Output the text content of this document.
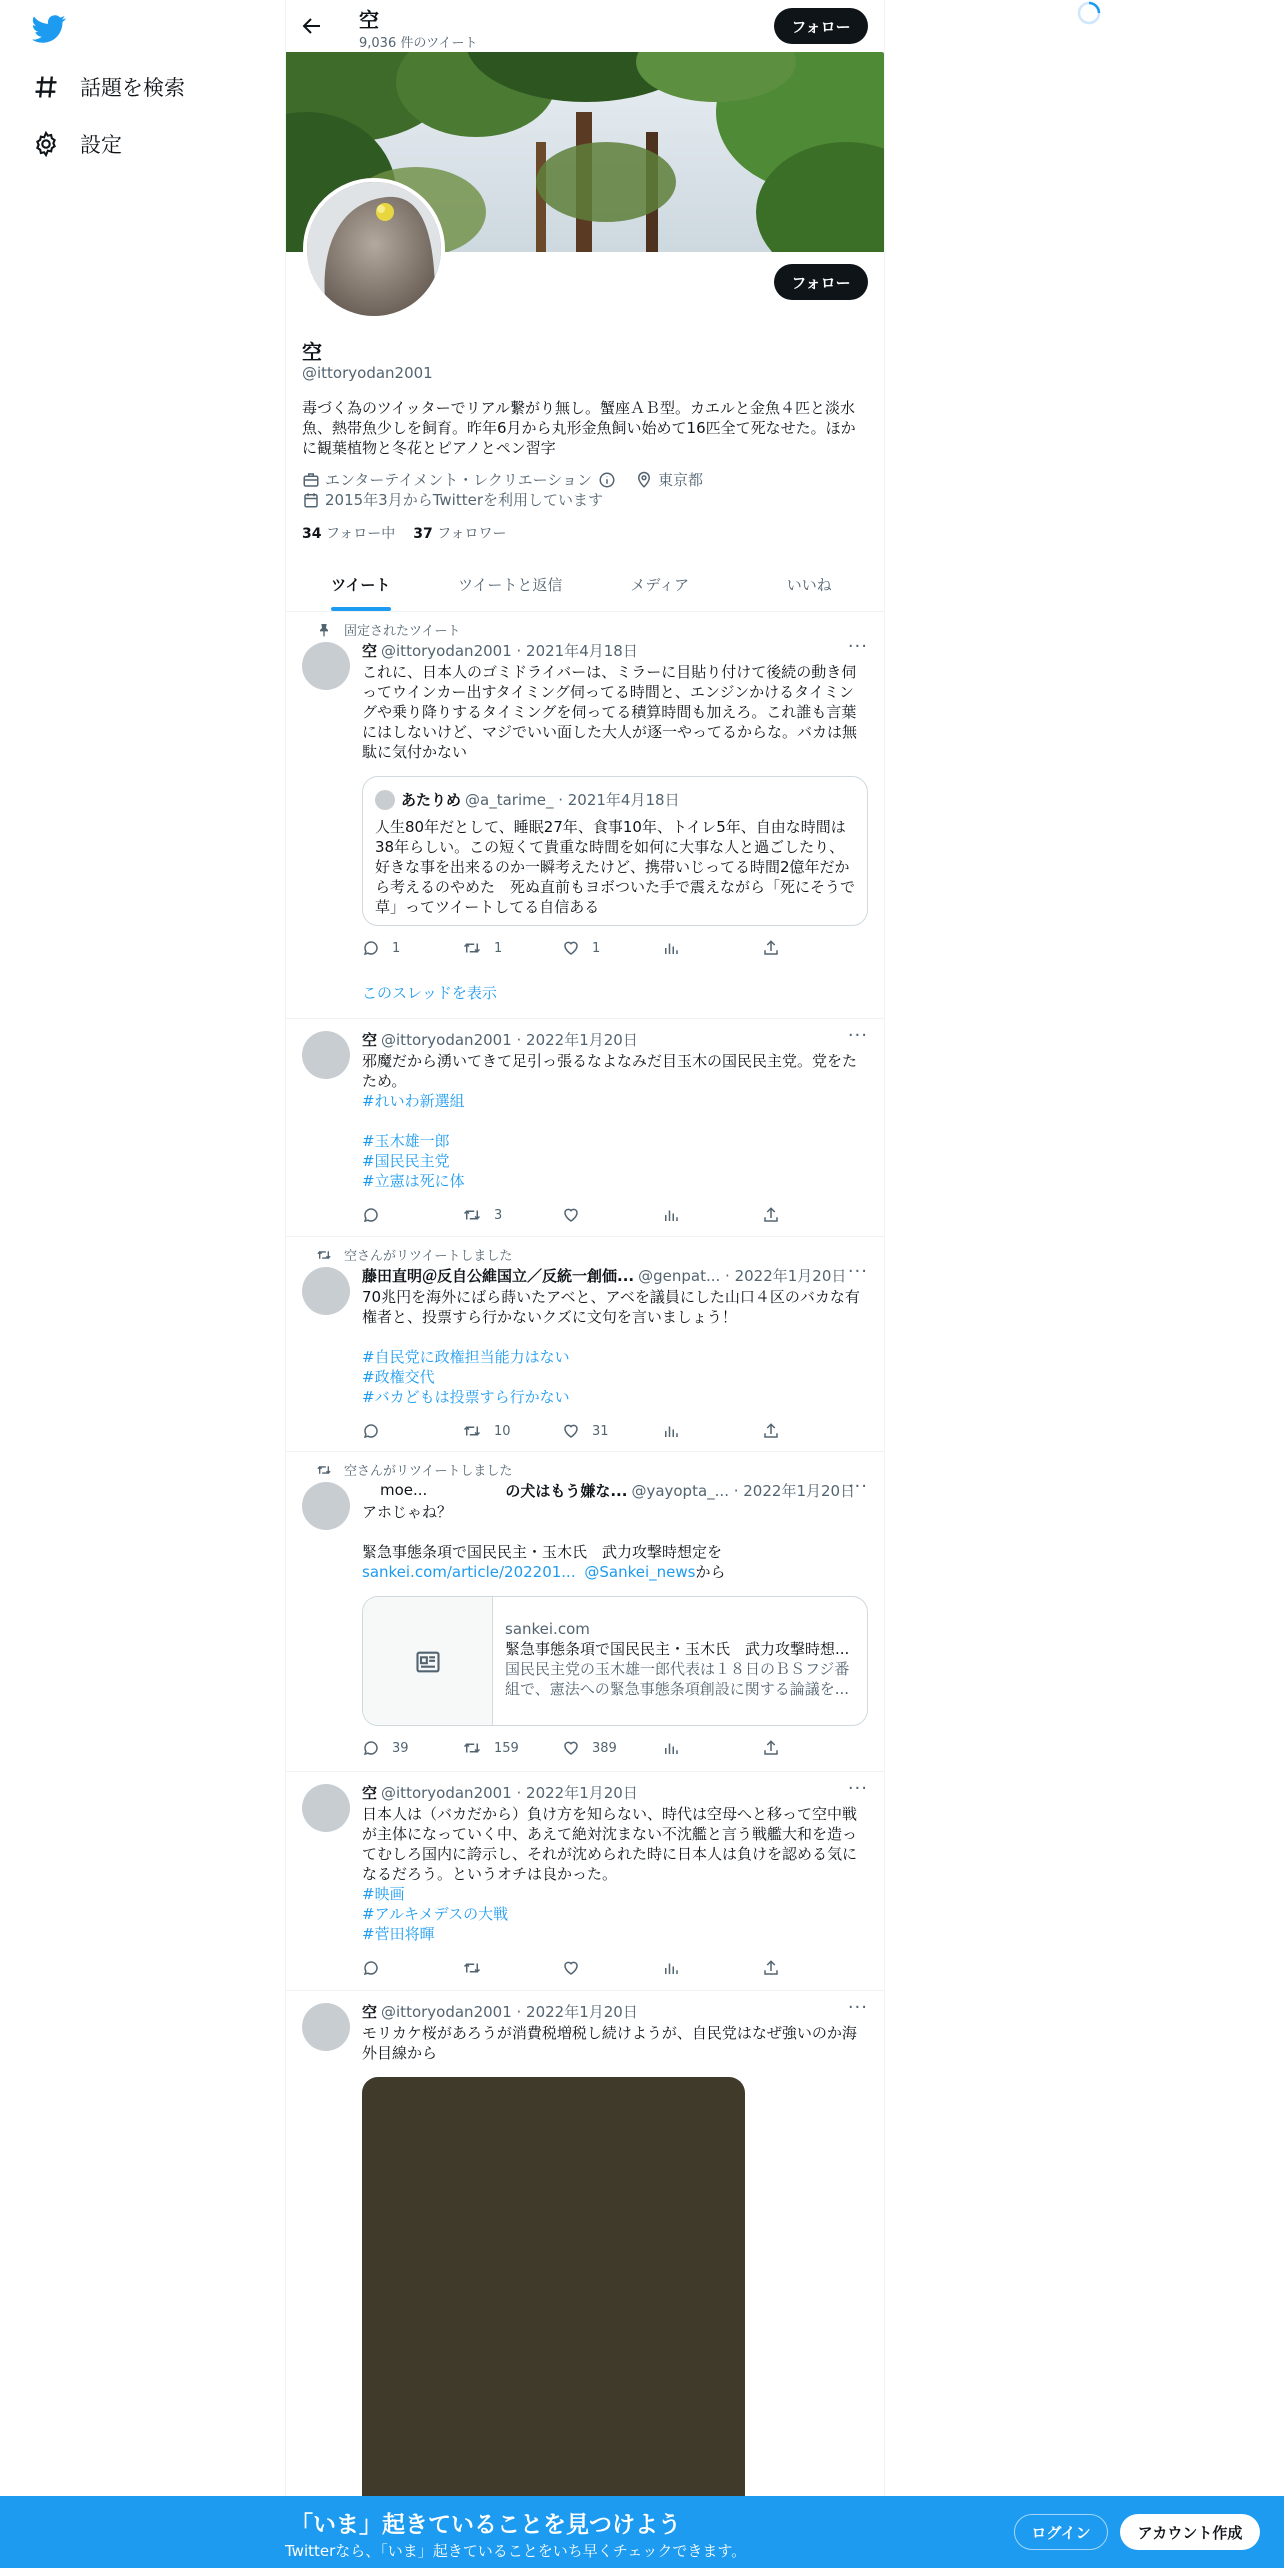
話題を検索
設定
空
9,036 件のツイート
フォロー
フォロー
空
@ittoryodan2001
毒づく為のツイッターでリアル繋がり無し。蟹座ＡＢ型。カエルと金魚４匹と淡水魚、熱帯魚少しを飼育。昨年6月から丸形金魚飼い始めて16匹全て死なせた。ほかに観葉植物と冬花とピアノとペン習字
エンターテイメント・レクリエーション	東京都
2015年3月からTwitterを利用しています
34 フォロー中 37 フォロワー
ツイート	ツイートと返信	メディア	いいね
固定されたツイート
···
空 @ittoryodan2001 · 2021年4月18日
これに、日本人のゴミドライバーは、ミラーに目貼り付けて後続の動き伺ってウインカー出すタイミング伺ってる時間と、エンジンかけるタイミングや乗り降りするタイミングを伺ってる積算時間も加えろ。これ誰も言葉にはしないけど、マジでいい面した大人が逐一やってるからな。バカは無駄に気付かない
あたりめ @a_tarime_ · 2021年4月18日
人生80年だとして、睡眠27年、食事10年、トイレ5年、自由な時間は38年らしい。この短くて貴重な時間を如何に大事な人と過ごしたり、好きな事を出来るのか一瞬考えたけど、携帯いじってる時間2億年だから考えるのやめた　死ぬ直前もヨボついた手で震えながら「死にそうで草」ってツイートしてる自信ある
1	1	1
このスレッドを表示
···
空 @ittoryodan2001 · 2022年1月20日
邪魔だから湧いてきて足引っ張るなよなみだ目玉木の国民民主党。党をたため。
#れいわ新選組
#玉木雄一郎
#国民民主党
#立憲は死に体
3
空さんがリツイートしました
···
藤田直明＠反自公維国立／反統一創価... @genpat... · 2022年1月20日
70兆円を海外にばら蒔いたアベと、アベを議員にした山口４区のバカな有権者と、投票すら行かないクズに文句を言いましょう！
#自民党に政権担当能力はない
#政権交代
#バカどもは投票すら行かない
10	31
空さんがリツイートしました
···
moe...	の犬はもう嫌な... @yayopta_... · 2022年1月20日
アホじゃね？
緊急事態条項で国民民主・玉木氏　武力攻撃時想定を
sankei.com/article/202201... @Sankei_newsから
sankei.com
緊急事態条項で国民民主・玉木氏　武力攻撃時想...
国民民主党の玉木雄一郎代表は１８日のＢＳフジ番組で、憲法への緊急事態条項創設に関する論議を...
39	159	389
···
空 @ittoryodan2001 · 2022年1月20日
日本人は（バカだから）負け方を知らない、時代は空母へと移って空中戦が主体になっていく中、あえて絶対沈まない不沈艦と言う戦艦大和を造ってむしろ国内に誇示し、それが沈められた時に日本人は負けを認める気になるだろう。というオチは良かった。
#映画
#アルキメデスの大戦
#菅田将暉
···
空 @ittoryodan2001 · 2022年1月20日
モリカケ桜があろうが消費税増税し続けようが、自民党はなぜ強いのか海外目線から
「いま」起きていることを見つけよう
Twitterなら、「いま」起きていることをいち早くチェックできます。
ログイン	アカウント作成
